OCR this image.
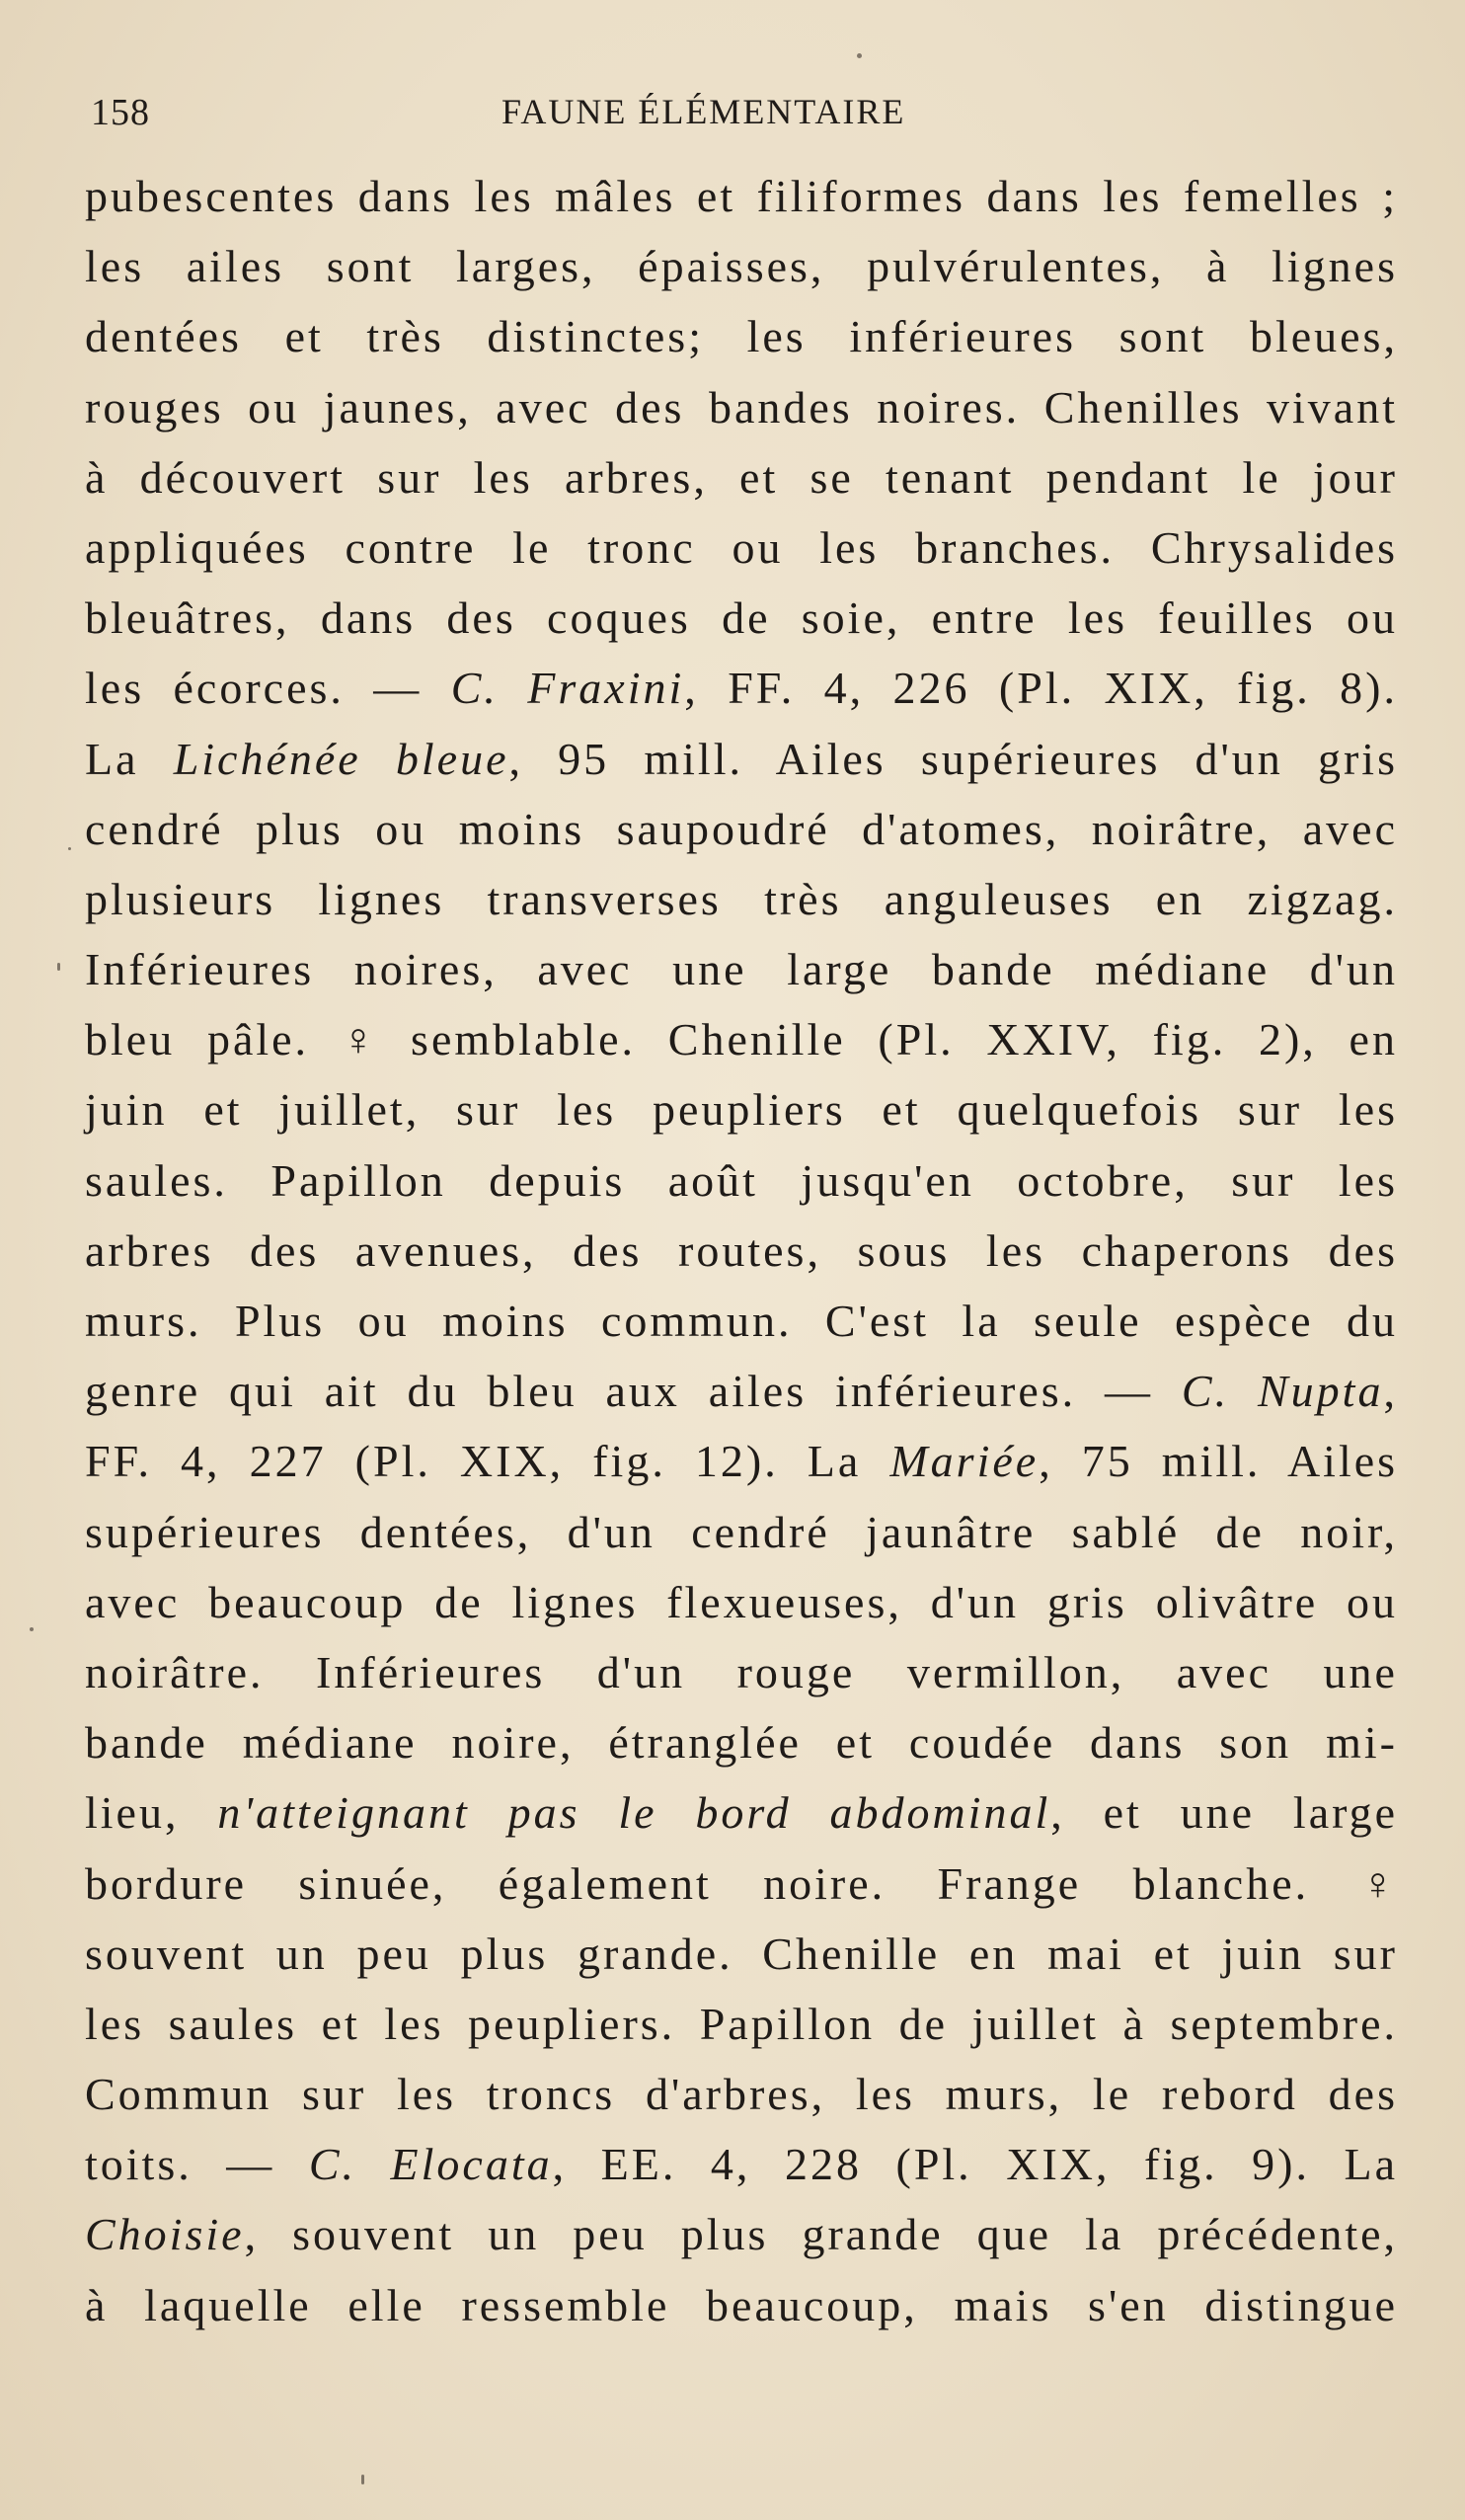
158	FAUNE ÉLÉMENTAIRE
pubescentes dans les mâles et filiformes dans les femelles ;
les ailes sont larges, épaisses, pulvérulentes, à lignes
dentées et très distinctes; les inférieures sont bleues,
rouges ou jaunes, avec des bandes noires. Chenilles vivant
à découvert sur les arbres, et se tenant pendant le jour
appliquées contre le tronc ou les branches. Chrysalides
bleuâtres, dans des coques de soie, entre les feuilles ou
les écorces. — C. Fraxini, FF. 4, 226 (Pl. XIX, fig. 8).
La Lichénée bleue, 95 mill. Ailes supérieures d'un gris
cendré plus ou moins saupoudré d'atomes, noirâtre, avec
plusieurs lignes transverses très anguleuses en zigzag.
Inférieures noires, avec une large bande médiane d'un
bleu pâle. ♀ semblable. Chenille (Pl. XXIV, fig. 2), en
juin et juillet, sur les peupliers et quelquefois sur les
saules. Papillon depuis août jusqu'en octobre, sur les
arbres des avenues, des routes, sous les chaperons des
murs. Plus ou moins commun. C'est la seule espèce du
genre qui ait du bleu aux ailes inférieures. — C. Nupta,
FF. 4, 227 (Pl. XIX, fig. 12). La Mariée, 75 mill. Ailes
supérieures dentées, d'un cendré jaunâtre sablé de noir,
avec beaucoup de lignes flexueuses, d'un gris olivâtre ou
noirâtre. Inférieures d'un rouge vermillon, avec une
bande médiane noire, étranglée et coudée dans son mi-
lieu, n'atteignant pas le bord abdominal, et une large
bordure sinuée, également noire. Frange blanche. ♀
souvent un peu plus grande. Chenille en mai et juin sur
les saules et les peupliers. Papillon de juillet à septembre.
Commun sur les troncs d'arbres, les murs, le rebord des
toits. — C. Elocata, EE. 4, 228 (Pl. XIX, fig. 9). La
Choisie, souvent un peu plus grande que la précédente,
à laquelle elle ressemble beaucoup, mais s'en distingue
